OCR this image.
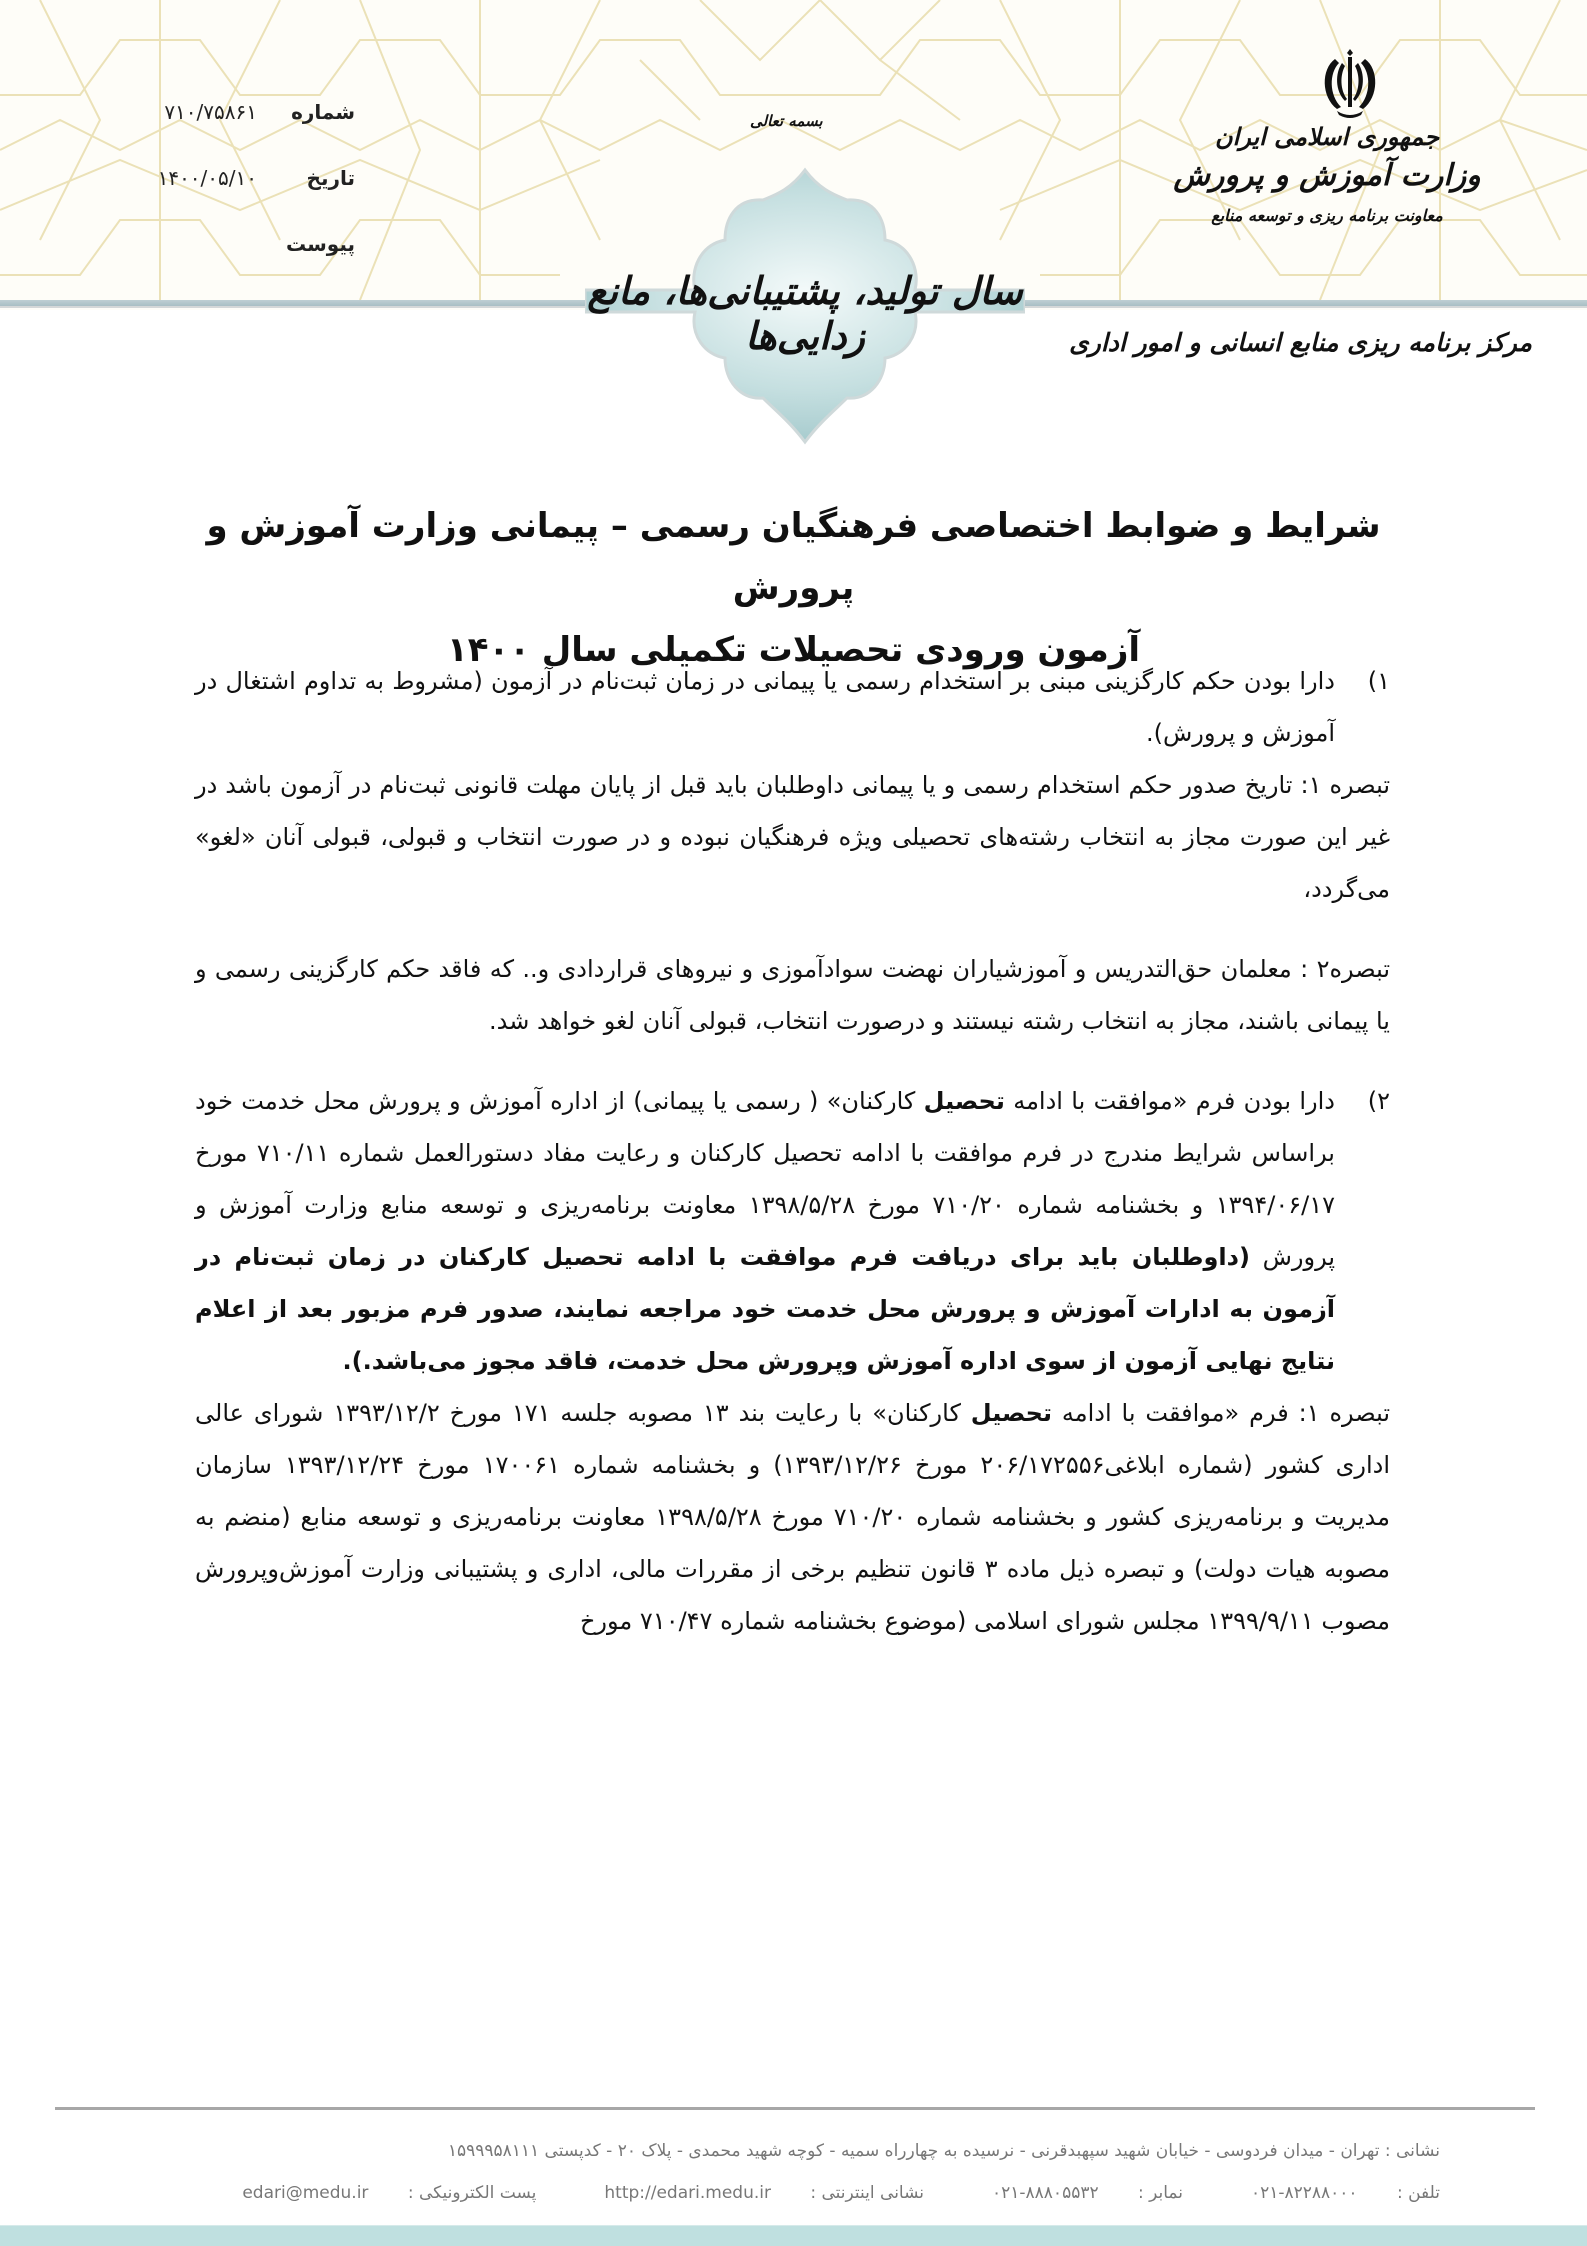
شماره
۷۱۰/۷۵۸۶۱
تاریخ
۱۴۰۰/۰۵/۱۰
پیوست
بسمه تعالی
جمهوری اسلامی ایران
وزارت آموزش و پرورش
معاونت برنامه ریزی و توسعه منابع
سال تولید، پشتیبانی‌ها، مانع زدایی‌ها	مرکز برنامه ریزی منابع انسانی و امور اداری
شرایط و ضوابط اختصاصی فرهنگیان رسمی – پیمانی وزارت آموزش و پرورش
آزمون ورودی تحصیلات تکمیلی سال ۱۴۰۰
۱)
دارا بودن حکم کارگزینی مبنی بر استخدام رسمی یا پیمانی در زمان ثبت‌نام در آزمون (مشروط به تداوم اشتغال در آموزش و پرورش).
تبصره ۱: تاریخ صدور حکم استخدام رسمی و یا پیمانی داوطلبان باید قبل از پایان مهلت قانونی ثبت‌نام در آزمون باشد در غیر این صورت مجاز به انتخاب رشته‌های تحصیلی ویژه فرهنگیان نبوده و در صورت انتخاب و قبولی، قبولی آنان «لغو» می‌گردد،
تبصره۲ : معلمان حق‌التدریس و آموزشیاران نهضت سوادآموزی و نیروهای قراردادی و.. که فاقد حکم کارگزینی رسمی و یا پیمانی باشند، مجاز به انتخاب رشته نیستند و درصورت انتخاب، قبولی آنان لغو خواهد شد.
۲)
دارا بودن فرم «موافقت با ادامه تحصیل کارکنان» ( رسمی یا پیمانی) از اداره آموزش و پرورش محل خدمت خود براساس شرایط مندرج در فرم موافقت با ادامه تحصیل کارکنان و رعایت مفاد دستورالعمل شماره ۷۱۰/۱۱ مورخ ۱۳۹۴/۰۶/۱۷ و بخشنامه شماره ۷۱۰/۲۰ مورخ ۱۳۹۸/۵/۲۸ معاونت برنامه‌ریزی و توسعه منابع وزارت آموزش و پرورش (داوطلبان باید برای دریافت فرم موافقت با ادامه تحصیل کارکنان در زمان ثبت‌نام در آزمون به ادارات آموزش و پرورش محل خدمت خود مراجعه نمایند، صدور فرم مزبور بعد از اعلام نتایج نهایی آزمون از سوی اداره آموزش وپرورش محل خدمت، فاقد مجوز می‌باشد.).
تبصره ۱: فرم «موافقت با ادامه تحصیل کارکنان» با رعایت بند ۱۳ مصوبه جلسه ۱۷۱ مورخ ۱۳۹۳/۱۲/۲ شورای عالی اداری کشور (شماره ابلاغی۲۰۶/۱۷۲۵۵۶ مورخ ۱۳۹۳/۱۲/۲۶) و بخشنامه شماره ۱۷۰۰۶۱ مورخ ۱۳۹۳/۱۲/۲۴ سازمان مدیریت و برنامه‌ریزی کشور و بخشنامه شماره ۷۱۰/۲۰ مورخ ۱۳۹۸/۵/۲۸ معاونت برنامه‌ریزی و توسعه منابع (منضم به مصوبه هیات دولت) و تبصره ذیل ماده ۳ قانون تنظیم برخی از مقررات مالی، اداری و پشتیبانی وزارت آموزش‌وپرورش مصوب ۱۳۹۹/۹/۱۱ مجلس شورای اسلامی (موضوع بخشنامه شماره ۷۱۰/۴۷ مورخ
نشانی : تهران - میدان فردوسی - خیابان شهید سپهبدقرنی - نرسیده به چهارراه سمیه - کوچه شهید محمدی - پلاک ۲۰ - کدپستی ۱۵۹۹۹۵۸۱۱۱
تلفن : ۰۲۱-۸۲۲۸۸۰۰۰
نمابر : ۰۲۱-۸۸۸۰۵۵۳۲
نشانی اینترنتی : http://edari.medu.ir
پست الکترونیکی : edari@medu.ir
